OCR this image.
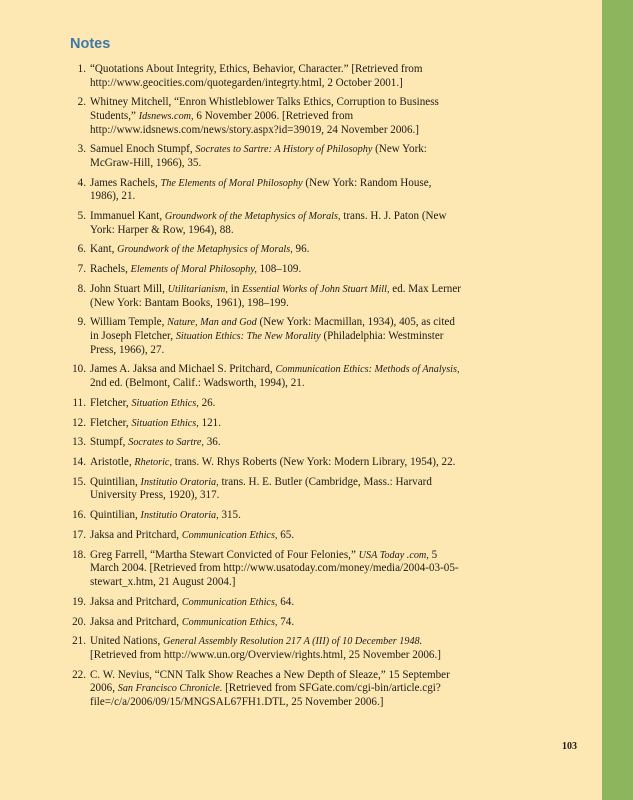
Notes
1. “Quotations About Integrity, Ethics, Behavior, Character.” [Retrieved from http://www.geocities.com/quotegarden/integrty.html, 2 October 2001.]
2. Whitney Mitchell, “Enron Whistleblower Talks Ethics, Corruption to Business Students,” Idsnews.com, 6 November 2006. [Retrieved from http://www.idsnews.com/news/story.aspx?id=39019, 24 November 2006.]
3. Samuel Enoch Stumpf, Socrates to Sartre: A History of Philosophy (New York: McGraw-Hill, 1966), 35.
4. James Rachels, The Elements of Moral Philosophy (New York: Random House, 1986), 21.
5. Immanuel Kant, Groundwork of the Metaphysics of Morals, trans. H. J. Paton (New York: Harper & Row, 1964), 88.
6. Kant, Groundwork of the Metaphysics of Morals, 96.
7. Rachels, Elements of Moral Philosophy, 108–109.
8. John Stuart Mill, Utilitarianism, in Essential Works of John Stuart Mill, ed. Max Lerner (New York: Bantam Books, 1961), 198–199.
9. William Temple, Nature, Man and God (New York: Macmillan, 1934), 405, as cited in Joseph Fletcher, Situation Ethics: The New Morality (Philadelphia: Westminster Press, 1966), 27.
10. James A. Jaksa and Michael S. Pritchard, Communication Ethics: Methods of Analysis, 2nd ed. (Belmont, Calif.: Wadsworth, 1994), 21.
11. Fletcher, Situation Ethics, 26.
12. Fletcher, Situation Ethics, 121.
13. Stumpf, Socrates to Sartre, 36.
14. Aristotle, Rhetoric, trans. W. Rhys Roberts (New York: Modern Library, 1954), 22.
15. Quintilian, Institutio Oratoria, trans. H. E. Butler (Cambridge, Mass.: Harvard University Press, 1920), 317.
16. Quintilian, Institutio Oratoria, 315.
17. Jaksa and Pritchard, Communication Ethics, 65.
18. Greg Farrell, “Martha Stewart Convicted of Four Felonies,” USA Today .com, 5 March 2004. [Retrieved from http://www.usatoday.com/money/media/2004-03-05-stewart_x.htm, 21 August 2004.]
19. Jaksa and Pritchard, Communication Ethics, 64.
20. Jaksa and Pritchard, Communication Ethics, 74.
21. United Nations, General Assembly Resolution 217 A (III) of 10 December 1948. [Retrieved from http://www.un.org/Overview/rights.html, 25 November 2006.]
22. C. W. Nevius, “CNN Talk Show Reaches a New Depth of Sleaze,” 15 September 2006, San Francisco Chronicle. [Retrieved from SFGate.com/cgi-bin/article.cgi?file=/c/a/2006/09/15/MNGSAL67FH1.DTL, 25 November 2006.]
103
